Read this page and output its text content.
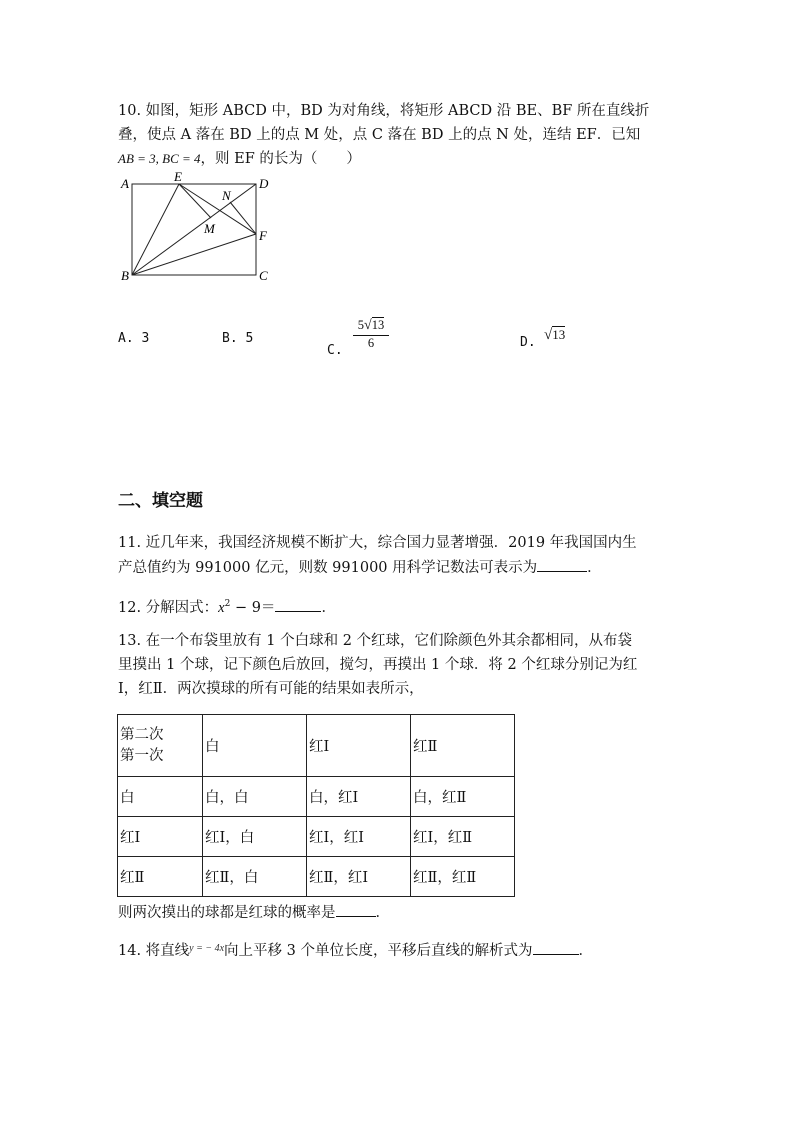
10. 如图，矩形 ABCD 中，BD 为对角线，将矩形 ABCD 沿 BE、BF 所在直线折
叠，使点 A 落在 BD 上的点 M 处，点 C 落在 BD 上的点 N 处，连结 EF．已知
AB = 3, BC = 4，则 EF 的长为（　　）
A	E	D
N
M	F
B	C
A. 3	B. 5
C.
5√13
6	D. √13
二、填空题
11. 近几年来，我国经济规模不断扩大，综合国力显著增强．2019 年我国国内生
产总值约为 991000 亿元，则数 991000 用科学记数法可表示为	．
12. 分解因式：$x^2 - 9=$	．
13. 在一个布袋里放有 1 个白球和 2 个红球，它们除颜色外其余都相同，从布袋
里摸出 1 个球，记下颜色后放回，搅匀，再摸出 1 个球．将 2 个红球分别记为红
Ⅰ，红Ⅱ．两次摸球的所有可能的结果如表所示，
第二次
第一次	白	红Ⅰ	红Ⅱ
白	白，白	白，红Ⅰ	白，红Ⅱ
红Ⅰ	红Ⅰ，白	红Ⅰ，红Ⅰ	红Ⅰ，红Ⅱ
红Ⅱ	红Ⅱ，白	红Ⅱ，红Ⅰ	红Ⅱ，红Ⅱ
则两次摸出的球都是红球的概率是	．
14. 将直线$^{y = - 4x}$向上平移 3 个单位长度，平移后直线的解析式为	．
